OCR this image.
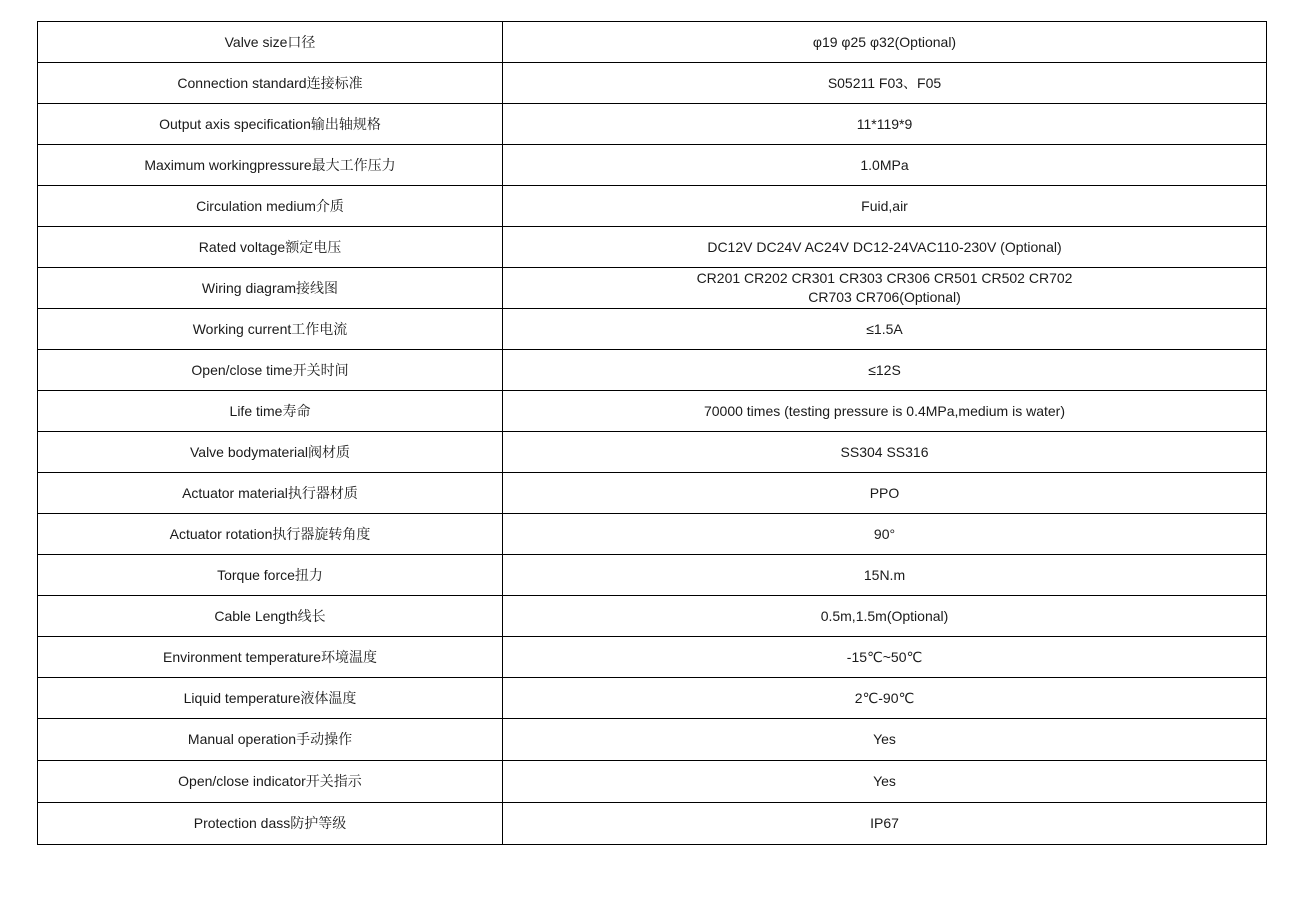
Valve size口径	φ19 φ25 φ32(Optional)
Connection standard连接标准	S05211 F03、F05
Output axis specification输出轴规格	11*119*9
Maximum workingpressure最大工作压力	1.0MPa
Circulation medium介质	Fuid,air
Rated voltage额定电压	DC12V DC24V AC24V DC12-24VAC110-230V (Optional)
Wiring diagram接线图	CR201 CR202 CR301 CR303 CR306 CR501 CR502 CR702 CR703 CR706(Optional)
Working current工作电流	≤1.5A
Open/close time开关时间	≤12S
Life time寿命	70000 times (testing pressure is 0.4MPa,medium is water)
Valve bodymaterial阀材质	SS304 SS316
Actuator material执行器材质	PPO
Actuator rotation执行器旋转角度	90°
Torque force扭力	15N.m
Cable Length线长	0.5m,1.5m(Optional)
Environment temperature环境温度	-15℃~50℃
Liquid temperature液体温度	2℃-90℃
Manual operation手动操作	Yes
Open/close indicator开关指示	Yes
Protection dass防护等级	IP67
